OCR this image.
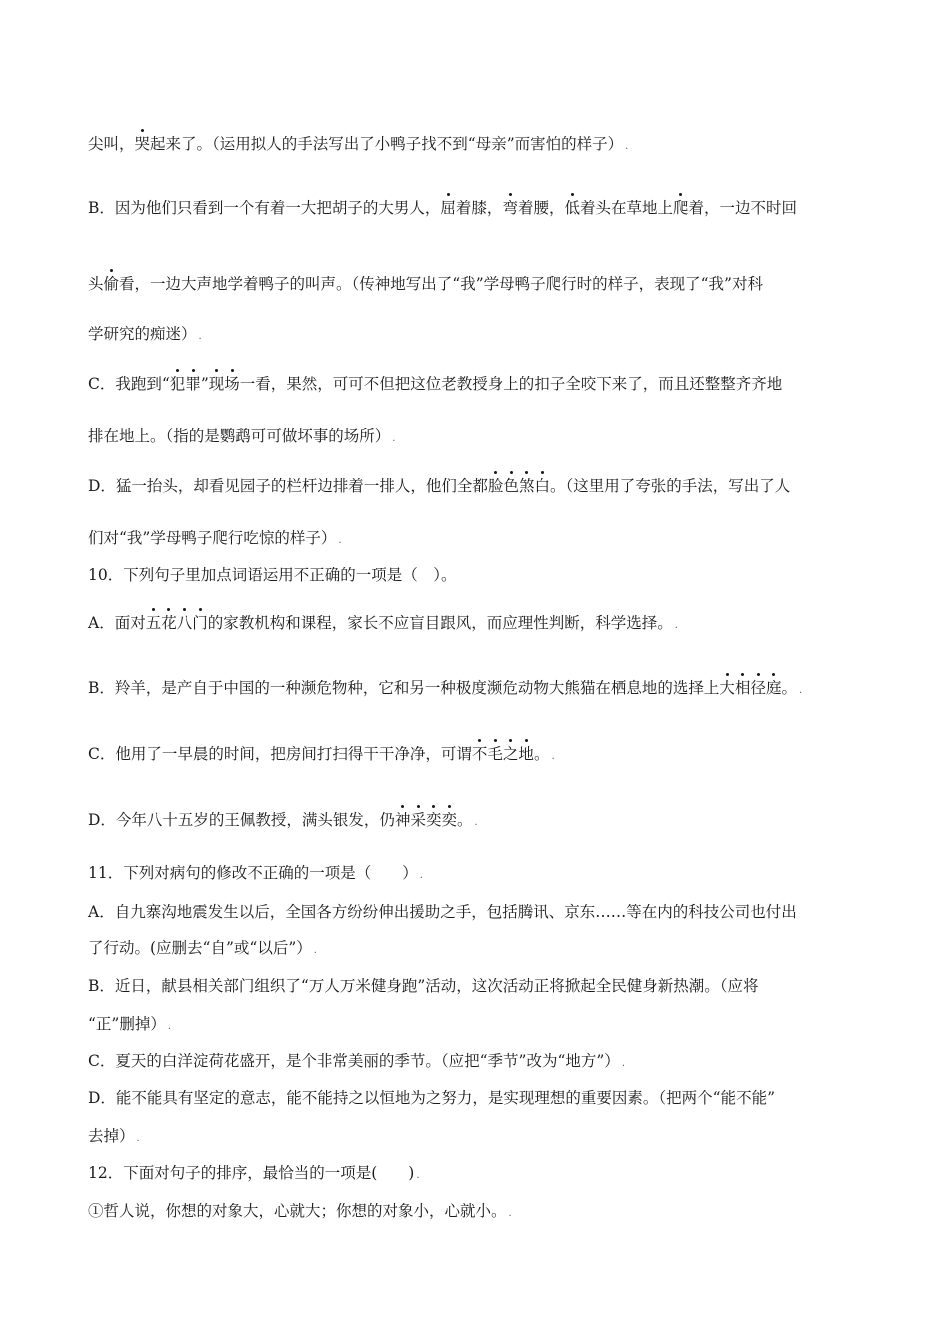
尖叫，哭起来了。（运用拟人的手法写出了小鸭子找不到“母亲”而害怕的样子） .
B．因为他们只看到一个有着一大把胡子的大男人，屈着膝，弯着腰，低着头在草地上爬着，一边不时回
头偷看，一边大声地学着鸭子的叫声。（传神地写出了“我”学母鸭子爬行时的样子，表现了“我”对科
学研究的痴迷） .
C．我跑到“犯罪”现场一看，果然，可可不但把这位老教授身上的扣子全咬下来了，而且还整整齐齐地
排在地上。（指的是鹦鹉可可做坏事的场所） .
D．猛一抬头，却看见园子的栏杆边排着一排人，他们全都脸色煞白。（这里用了夸张的手法，写出了人
们对“我”学母鸭子爬行吃惊的样子） .
10．下列句子里加点词语运用不正确的一项是（　）。
A．面对五花八门的家教机构和课程，家长不应盲目跟风，而应理性判断，科学选择。 .
B．羚羊，是产自于中国的一种濒危物种，它和另一种极度濒危动物大熊猫在栖息地的选择上大相径庭。 .
C．他用了一早晨的时间，把房间打扫得干干净净，可谓不毛之地。 .
D．今年八十五岁的王佩教授，满头银发，仍神采奕奕。 .
11．下列对病句的修改不正确的一项是（　　） .
A．自九寨沟地震发生以后，全国各方纷纷伸出援助之手，包括腾讯、京东……等在内的科技公司也付出
了行动。(应删去“自”或“以后”） .
B．近日，献县相关部门组织了“万人万米健身跑”活动，这次活动正将掀起全民健身新热潮。（应将
“正”删掉） .
C．夏天的白洋淀荷花盛开，是个非常美丽的季节。（应把“季节”改为“地方”） .
D．能不能具有坚定的意志，能不能持之以恒地为之努力，是实现理想的重要因素。（把两个“能不能”
去掉） .
12．下面对句子的排序，最恰当的一项是(　　) .
①哲人说，你想的对象大，心就大；你想的对象小，心就小。 .
